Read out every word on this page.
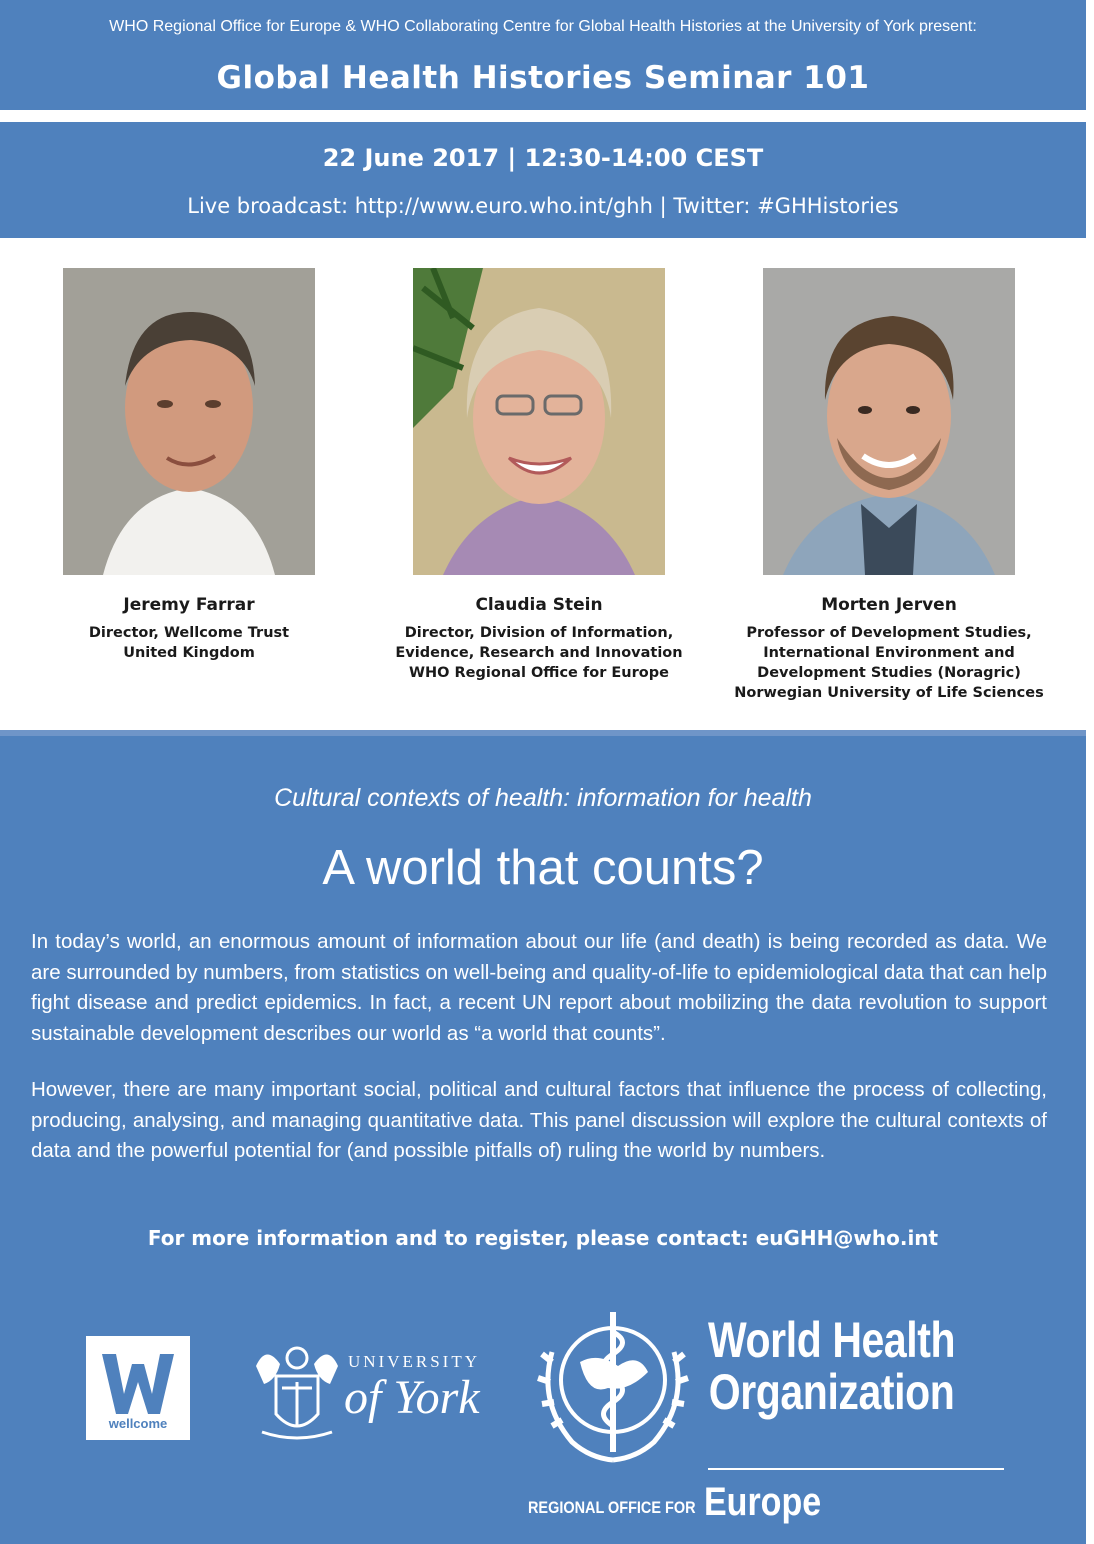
WHO Regional Office for Europe & WHO Collaborating Centre for Global Health Histories at the University of York present:
Global Health Histories Seminar 101
22 June 2017 | 12:30-14:00 CEST
Live broadcast: http://www.euro.who.int/ghh | Twitter: #GHHistories
Jeremy Farrar
Director, Wellcome Trust
United Kingdom
Claudia Stein
Director, Division of Information,
Evidence, Research and Innovation
WHO Regional Office for Europe
Morten Jerven
Professor of Development Studies,
International Environment and
Development Studies (Noragric)
Norwegian University of Life Sciences
Cultural contexts of health: information for health
A world that counts?
In today’s world, an enormous amount of information about our life (and death) is being recorded as data. We are surrounded by numbers, from statistics on well-being and quality-of-life to epidemiological data that can help fight disease and predict epidemics. In fact, a recent UN report about mobilizing the data revolution to support sustainable development describes our world as “a world that counts”.
However, there are many important social, political and cultural factors that influence the process of collecting, producing, analysing, and managing quantitative data. This panel discussion will explore the cultural contexts of data and the powerful potential for (and possible pitfalls of) ruling the world by numbers.
For more information and to register, please contact: euGHH@who.int
wellcome
UNIVERSITY
of York
World Health
Organization
REGIONAL OFFICE FOR Europe
